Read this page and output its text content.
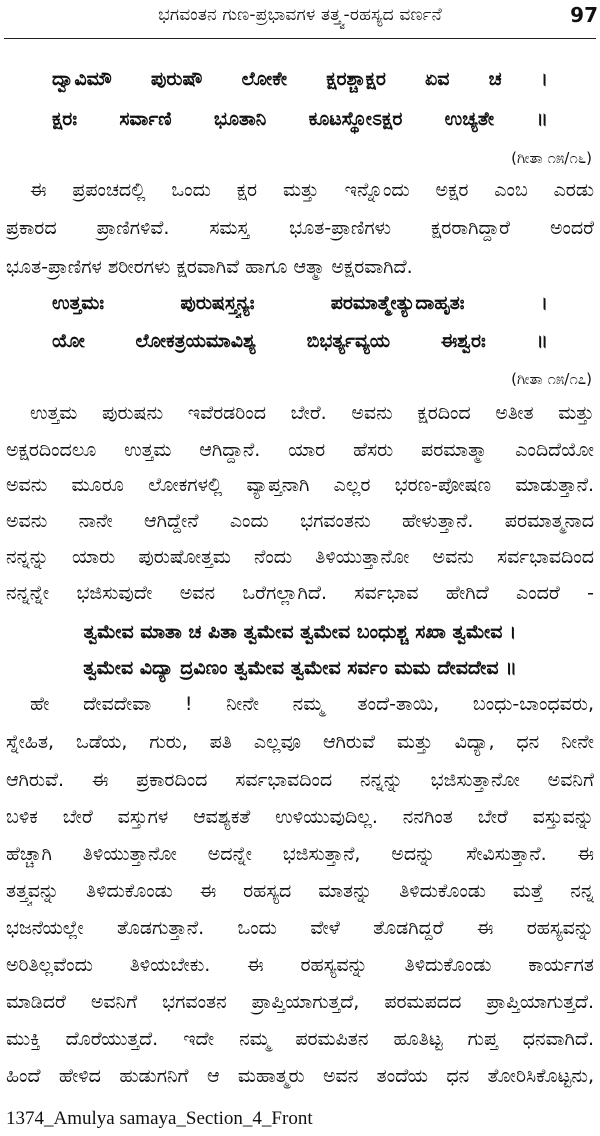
ಭಗವಂತನ ಗುಣ-ಪ್ರಭಾವಗಳ ತತ್ತ್ವ-ರಹಸ್ಯದ ವರ್ಣನೆ	97
ದ್ವಾವಿಮೌ ಪುರುಷೌ ಲೋಕೇ ಕ್ಷರಶ್ಚಾಕ್ಷರ ಏವ ಚ ।
ಕ್ಷರಃ ಸರ್ವಾಣಿ ಭೂತಾನಿ ಕೂಟಸ್ಥೋಽಕ್ಷರ ಉಚ್ಯತೇ ॥
(ಗೀತಾ ೧೫/೧೬)
ಈ ಪ್ರಪಂಚದಲ್ಲಿ ಒಂದು ಕ್ಷರ ಮತ್ತು ಇನ್ನೊಂದು ಅಕ್ಷರ ಎಂಬ ಎರಡು
ಪ್ರಕಾರದ ಪ್ರಾಣಿಗಳಿವೆ. ಸಮಸ್ತ ಭೂತ-ಪ್ರಾಣಿಗಳು ಕ್ಷರರಾಗಿದ್ದಾರೆ ಅಂದರೆ
ಭೂತ-ಪ್ರಾಣಿಗಳ ಶರೀರಗಳು ಕ್ಷರವಾಗಿವೆ ಹಾಗೂ ಆತ್ಮಾ ಅಕ್ಷರವಾಗಿದೆ.
ಉತ್ತಮಃ ಪುರುಷಸ್ತ್ವನ್ಯಃ ಪರಮಾತ್ಮೇತ್ಯುದಾಹೃತಃ ।
ಯೋ ಲೋಕತ್ರಯಮಾವಿಶ್ಯ ಬಿಭರ್ತ್ಯವ್ಯಯ ಈಶ್ವರಃ ॥
(ಗೀತಾ ೧೫/೧೭)
ಉತ್ತಮ ಪುರುಷನು ಇವೆರಡರಿಂದ ಬೇರೆ. ಅವನು ಕ್ಷರದಿಂದ ಅತೀತ ಮತ್ತು
ಅಕ್ಷರದಿಂದಲೂ ಉತ್ತಮ ಆಗಿದ್ದಾನೆ. ಯಾರ ಹೆಸರು ಪರಮಾತ್ಮಾ ಎಂದಿದೆಯೋ
ಅವನು ಮೂರೂ ಲೋಕಗಳಲ್ಲಿ ವ್ಯಾಪ್ತನಾಗಿ ಎಲ್ಲರ ಭರಣ-ಪೋಷಣ ಮಾಡುತ್ತಾನೆ.
ಅವನು ನಾನೇ ಆಗಿದ್ದೇನೆ ಎಂದು ಭಗವಂತನು ಹೇಳುತ್ತಾನೆ. ಪರಮಾತ್ಮನಾದ
ನನ್ನನ್ನು ಯಾರು ಪುರುಷೋತ್ತಮ ನೆಂದು ತಿಳಿಯುತ್ತಾನೋ ಅವನು ಸರ್ವಭಾವದಿಂದ
ನನ್ನನ್ನೇ ಭಜಿಸುವುದೇ ಅವನ ಒರೆಗಲ್ಲಾಗಿದೆ. ಸರ್ವಭಾವ ಹೇಗಿದೆ ಎಂದರೆ -
ತ್ವಮೇವ ಮಾತಾ ಚ ಪಿತಾ ತ್ವಮೇವ ತ್ವಮೇವ ಬಂಧುಶ್ಚ ಸಖಾ ತ್ವಮೇವ ।
ತ್ವಮೇವ ವಿದ್ಯಾ ದ್ರವಿಣಂ ತ್ವಮೇವ ತ್ವಮೇವ ಸರ್ವಂ ಮಮ ದೇವದೇವ ॥
ಹೇ ದೇವದೇವಾ ! ನೀನೇ ನಮ್ಮ ತಂದೆ-ತಾಯಿ, ಬಂಧು-ಬಾಂಧವರು,
ಸ್ನೇಹಿತ, ಒಡೆಯ, ಗುರು, ಪತಿ ಎಲ್ಲವೂ ಆಗಿರುವೆ ಮತ್ತು ವಿದ್ಯಾ, ಧನ ನೀನೇ
ಆಗಿರುವೆ. ಈ ಪ್ರಕಾರದಿಂದ ಸರ್ವಭಾವದಿಂದ ನನ್ನನ್ನು ಭಜಿಸುತ್ತಾನೋ ಅವನಿಗೆ
ಬಳಿಕ ಬೇರೆ ವಸ್ತುಗಳ ಆವಶ್ಯಕತೆ ಉಳಿಯುವುದಿಲ್ಲ. ನನಗಿಂತ ಬೇರೆ ವಸ್ತುವನ್ನು
ಹೆಚ್ಚಾಗಿ ತಿಳಿಯುತ್ತಾನೋ ಅದನ್ನೇ ಭಜಿಸುತ್ತಾನೆ, ಅದನ್ನು ಸೇವಿಸುತ್ತಾನೆ. ಈ
ತತ್ತ್ವವನ್ನು ತಿಳಿದುಕೊಂಡು ಈ ರಹಸ್ಯದ ಮಾತನ್ನು ತಿಳಿದುಕೊಂಡು ಮತ್ತೆ ನನ್ನ
ಭಜನೆಯಲ್ಲೇ ತೊಡಗುತ್ತಾನೆ. ಒಂದು ವೇಳೆ ತೊಡಗಿದ್ದರೆ ಈ ರಹಸ್ಯವನ್ನು
ಅರಿತಿಲ್ಲವೆಂದು ತಿಳಿಯಬೇಕು. ಈ ರಹಸ್ಯವನ್ನು ತಿಳಿದುಕೊಂಡು ಕಾರ್ಯಗತ
ಮಾಡಿದರೆ ಅವನಿಗೆ ಭಗವಂತನ ಪ್ರಾಪ್ತಿಯಾಗುತ್ತದೆ, ಪರಮಪದದ ಪ್ರಾಪ್ತಿಯಾಗುತ್ತದೆ.
ಮುಕ್ತಿ ದೊರೆಯುತ್ತದೆ. ಇದೇ ನಮ್ಮ ಪರಮಪಿತನ ಹೂತಿಟ್ಟ ಗುಪ್ತ ಧನವಾಗಿದೆ.
ಹಿಂದೆ ಹೇಳಿದ ಹುಡುಗನಿಗೆ ಆ ಮಹಾತ್ಮರು ಅವನ ತಂದೆಯ ಧನ ತೋರಿಸಿಕೊಟ್ಟನು,
1374_Amulya samaya_Section_4_Front
